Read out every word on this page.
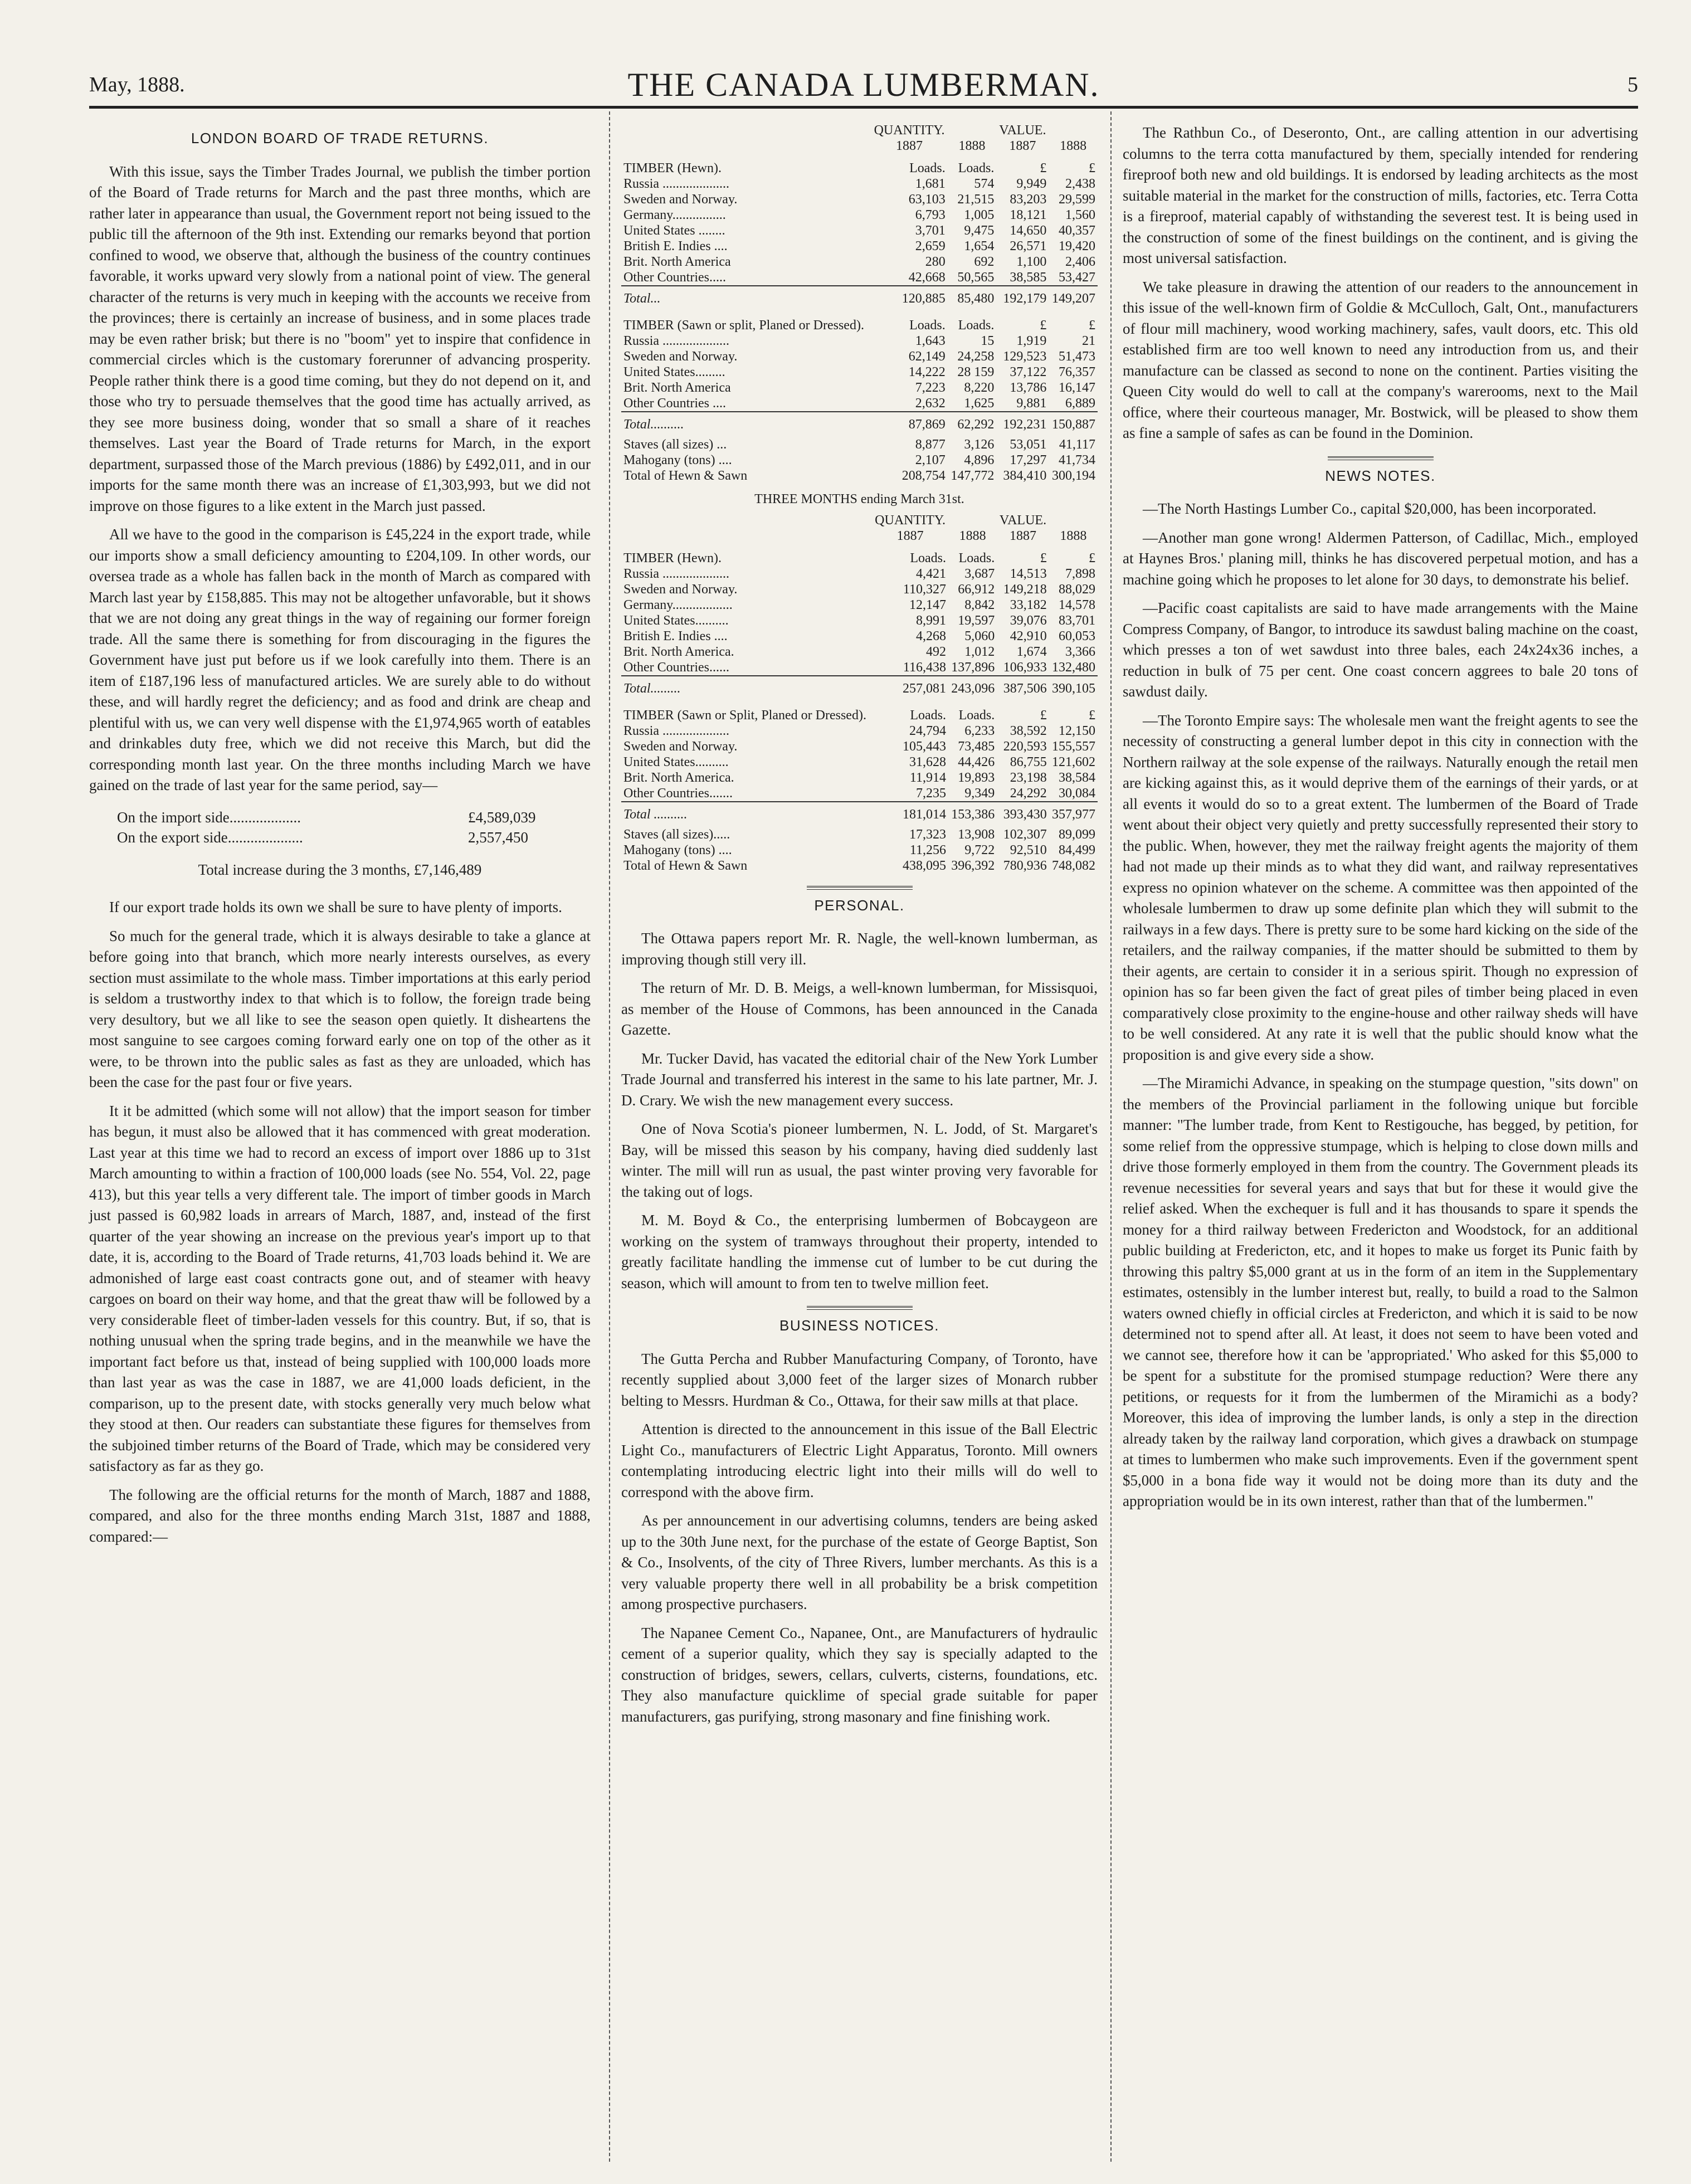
May, 1888.	THE CANADA LUMBERMAN.	5
LONDON BOARD OF TRADE RETURNS.

With this issue, says the Timber Trades Journal, we publish the timber portion of the Board of Trade returns for March and the past three months, which are rather later in appearance than usual, the Government report not being issued to the public till the afternoon of the 9th inst. Extending our remarks beyond that portion confined to wood, we observe that, although the business of the country continues favorable, it works upward very slowly from a national point of view. The general character of the returns is very much in keeping with the accounts we receive from the provinces; there is certainly an increase of business, and in some places trade may be even rather brisk; but there is no "boom" yet to inspire that confidence in commercial circles which is the customary forerunner of advancing prosperity. People rather think there is a good time coming, but they do not depend on it, and those who try to persuade themselves that the good time has actually arrived, as they see more business doing, wonder that so small a share of it reaches themselves. Last year the Board of Trade returns for March, in the export department, surpassed those of the March previous (1886) by £492,011, and in our imports for the same month there was an increase of £1,303,993, but we did not improve on those figures to a like extent in the March just passed.

All we have to the good in the comparison is £45,224 in the export trade, while our imports show a small deficiency amounting to £204,109. In other words, our oversea trade as a whole has fallen back in the month of March as compared with March last year by £158,885. This may not be altogether unfavorable, but it shows that we are not doing any great things in the way of regaining our former foreign trade. All the same there is something for from discouraging in the figures the Government have just put before us if we look carefully into them. There is an item of £187,196 less of manufactured articles. We are surely able to do without these, and will hardly regret the deficiency; and as food and drink are cheap and plentiful with us, we can very well dispense with the £1,974,965 worth of eatables and drinkables duty free, which we did not receive this March, but did the corresponding month last year. On the three months including March we have gained on the trade of last year for the same period, say—

On the import side...................	£4,589,039
On the export side....................	2,557,450
Total increase during the 3 months, £7,146,489

If our export trade holds its own we shall be sure to have plenty of imports.

So much for the general trade, which it is always desirable to take a glance at before going into that branch, which more nearly interests ourselves, as every section must assimilate to the whole mass. Timber importations at this early period is seldom a trustworthy index to that which is to follow, the foreign trade being very desultory, but we all like to see the season open quietly. It disheartens the most sanguine to see cargoes coming forward early one on top of the other as it were, to be thrown into the public sales as fast as they are unloaded, which has been the case for the past four or five years.

It it be admitted (which some will not allow) that the import season for timber has begun, it must also be allowed that it has commenced with great moderation. Last year at this time we had to record an excess of import over 1886 up to 31st March amounting to within a fraction of 100,000 loads (see No. 554, Vol. 22, page 413), but this year tells a very different tale. The import of timber goods in March just passed is 60,982 loads in arrears of March, 1887, and, instead of the first quarter of the year showing an increase on the previous year's import up to that date, it is, according to the Board of Trade returns, 41,703 loads behind it. We are admonished of large east coast contracts gone out, and of steamer with heavy cargoes on board on their way home, and that the great thaw will be followed by a very considerable fleet of timber-laden vessels for this country. But, if so, that is nothing unusual when the spring trade begins, and in the meanwhile we have the important fact before us that, instead of being supplied with 100,000 loads more than last year as was the case in 1887, we are 41,000 loads deficient, in the comparison, up to the present date, with stocks generally very much below what they stood at then. Our readers can substantiate these figures for themselves from the subjoined timber returns of the Board of Trade, which may be considered very satisfactory as far as they go.

The following are the official returns for the month of March, 1887 and 1888, compared, and also for the three months ending March 31st, 1887 and 1888, compared:—

	QUANTITY.		VALUE.	
	1887	1888	1887	1888
TIMBER (Hewn).	Loads.	Loads.	£	£
Russia ....................	1,681	574	9,949	2,438
Sweden and Norway.	63,103	21,515	83,203	29,599
Germany................	6,793	1,005	18,121	1,560
United States ........	3,701	9,475	14,650	40,357
British E. Indies ....	2,659	1,654	26,571	19,420
Brit. North America	280	692	1,100	2,406
Other Countries.....	42,668	50,565	38,585	53,427
Total...	120,885	85,480	192,179	149,207
TIMBER (Sawn or split, Planed or Dressed).	Loads.	Loads.	£	£
Russia ....................	1,643	15	1,919	21
Sweden and Norway.	62,149	24,258	129,523	51,473
United States.........	14,222	28 159	37,122	76,357
Brit. North America	7,223	8,220	13,786	16,147
Other Countries ....	2,632	1,625	9,881	6,889
Total..........	87,869	62,292	192,231	150,887
Staves (all sizes) ...	8,877	3,126	53,051	41,117
Mahogany (tons) ....	2,107	4,896	17,297	41,734
Total of Hewn & Sawn	208,754	147,772	384,410	300,194
THREE MONTHS ending March 31st.
	QUANTITY.		VALUE.	
	1887	1888	1887	1888
TIMBER (Hewn).	Loads.	Loads.	£	£
Russia ....................	4,421	3,687	14,513	7,898
Sweden and Norway.	110,327	66,912	149,218	88,029
Germany..................	12,147	8,842	33,182	14,578
United States..........	8,991	19,597	39,076	83,701
British E. Indies ....	4,268	5,060	42,910	60,053
Brit. North America.	492	1,012	1,674	3,366
Other Countries......	116,438	137,896	106,933	132,480
Total.........	257,081	243,096	387,506	390,105
TIMBER (Sawn or Split, Planed or Dressed).	Loads.	Loads.	£	£
Russia ....................	24,794	6,233	38,592	12,150
Sweden and Norway.	105,443	73,485	220,593	155,557
United States..........	31,628	44,426	86,755	121,602
Brit. North America.	11,914	19,893	23,198	38,584
Other Countries.......	7,235	9,349	24,292	30,084
Total ..........	181,014	153,386	393,430	357,977
Staves (all sizes).....	17,323	13,908	102,307	89,099
Mahogany (tons) ....	11,256	9,722	92,510	84,499
Total of Hewn & Sawn	438,095	396,392	780,936	748,082
PERSONAL.

The Ottawa papers report Mr. R. Nagle, the well-known lumberman, as improving though still very ill.

The return of Mr. D. B. Meigs, a well-known lumberman, for Missisquoi, as member of the House of Commons, has been announced in the Canada Gazette.

Mr. Tucker David, has vacated the editorial chair of the New York Lumber Trade Journal and transferred his interest in the same to his late partner, Mr. J. D. Crary. We wish the new management every success.

One of Nova Scotia's pioneer lumbermen, N. L. Jodd, of St. Margaret's Bay, will be missed this season by his company, having died suddenly last winter. The mill will run as usual, the past winter proving very favorable for the taking out of logs.

M. M. Boyd & Co., the enterprising lumbermen of Bobcaygeon are working on the system of tramways throughout their property, intended to greatly facilitate handling the immense cut of lumber to be cut during the season, which will amount to from ten to twelve million feet.

BUSINESS NOTICES.

The Gutta Percha and Rubber Manufacturing Company, of Toronto, have recently supplied about 3,000 feet of the larger sizes of Monarch rubber belting to Messrs. Hurdman & Co., Ottawa, for their saw mills at that place.

Attention is directed to the announcement in this issue of the Ball Electric Light Co., manufacturers of Electric Light Apparatus, Toronto. Mill owners contemplating introducing electric light into their mills will do well to correspond with the above firm.

As per announcement in our advertising columns, tenders are being asked up to the 30th June next, for the purchase of the estate of George Baptist, Son & Co., Insolvents, of the city of Three Rivers, lumber merchants. As this is a very valuable property there well in all probability be a brisk competition among prospective purchasers.

The Napanee Cement Co., Napanee, Ont., are Manufacturers of hydraulic cement of a superior quality, which they say is specially adapted to the construction of bridges, sewers, cellars, culverts, cisterns, foundations, etc. They also manufacture quicklime of special grade suitable for paper manufacturers, gas purifying, strong masonary and fine finishing work.

The Rathbun Co., of Deseronto, Ont., are calling attention in our advertising columns to the terra cotta manufactured by them, specially intended for rendering fireproof both new and old buildings. It is endorsed by leading architects as the most suitable material in the market for the construction of mills, factories, etc. Terra Cotta is a fireproof, material capably of withstanding the severest test. It is being used in the construction of some of the finest buildings on the continent, and is giving the most universal satisfaction.

We take pleasure in drawing the attention of our readers to the announcement in this issue of the well-known firm of Goldie & McCulloch, Galt, Ont., manufacturers of flour mill machinery, wood working machinery, safes, vault doors, etc. This old established firm are too well known to need any introduction from us, and their manufacture can be classed as second to none on the continent. Parties visiting the Queen City would do well to call at the company's warerooms, next to the Mail office, where their courteous manager, Mr. Bostwick, will be pleased to show them as fine a sample of safes as can be found in the Dominion.

NEWS NOTES.

—The North Hastings Lumber Co., capital $20,000, has been incorporated.

—Another man gone wrong! Aldermen Patterson, of Cadillac, Mich., employed at Haynes Bros.' planing mill, thinks he has discovered perpetual motion, and has a machine going which he proposes to let alone for 30 days, to demonstrate his belief.

—Pacific coast capitalists are said to have made arrangements with the Maine Compress Company, of Bangor, to introduce its sawdust baling machine on the coast, which presses a ton of wet sawdust into three bales, each 24x24x36 inches, a reduction in bulk of 75 per cent. One coast concern aggrees to bale 20 tons of sawdust daily.

—The Toronto Empire says: The wholesale men want the freight agents to see the necessity of constructing a general lumber depot in this city in connection with the Northern railway at the sole expense of the railways. Naturally enough the retail men are kicking against this, as it would deprive them of the earnings of their yards, or at all events it would do so to a great extent. The lumbermen of the Board of Trade went about their object very quietly and pretty successfully represented their story to the public. When, however, they met the railway freight agents the majority of them had not made up their minds as to what they did want, and railway representatives express no opinion whatever on the scheme. A committee was then appointed of the wholesale lumbermen to draw up some definite plan which they will submit to the railways in a few days. There is pretty sure to be some hard kicking on the side of the retailers, and the railway companies, if the matter should be submitted to them by their agents, are certain to consider it in a serious spirit. Though no expression of opinion has so far been given the fact of great piles of timber being placed in even comparatively close proximity to the engine-house and other railway sheds will have to be well considered. At any rate it is well that the public should know what the proposition is and give every side a show.

—The Miramichi Advance, in speaking on the stumpage question, "sits down" on the members of the Provincial parliament in the following unique but forcible manner: "The lumber trade, from Kent to Restigouche, has begged, by petition, for some relief from the oppressive stumpage, which is helping to close down mills and drive those formerly employed in them from the country. The Government pleads its revenue necessities for several years and says that but for these it would give the relief asked. When the exchequer is full and it has thousands to spare it spends the money for a third railway between Fredericton and Woodstock, for an additional public building at Fredericton, etc, and it hopes to make us forget its Punic faith by throwing this paltry $5,000 grant at us in the form of an item in the Supplementary estimates, ostensibly in the lumber interest but, really, to build a road to the Salmon waters owned chiefly in official circles at Fredericton, and which it is said to be now determined not to spend after all. At least, it does not seem to have been voted and we cannot see, therefore how it can be 'appropriated.' Who asked for this $5,000 to be spent for a substitute for the promised stumpage reduction? Were there any petitions, or requests for it from the lumbermen of the Miramichi as a body? Moreover, this idea of improving the lumber lands, is only a step in the direction already taken by the railway land corporation, which gives a drawback on stumpage at times to lumbermen who make such improvements. Even if the government spent $5,000 in a bona fide way it would not be doing more than its duty and the appropriation would be in its own interest, rather than that of the lumbermen."
